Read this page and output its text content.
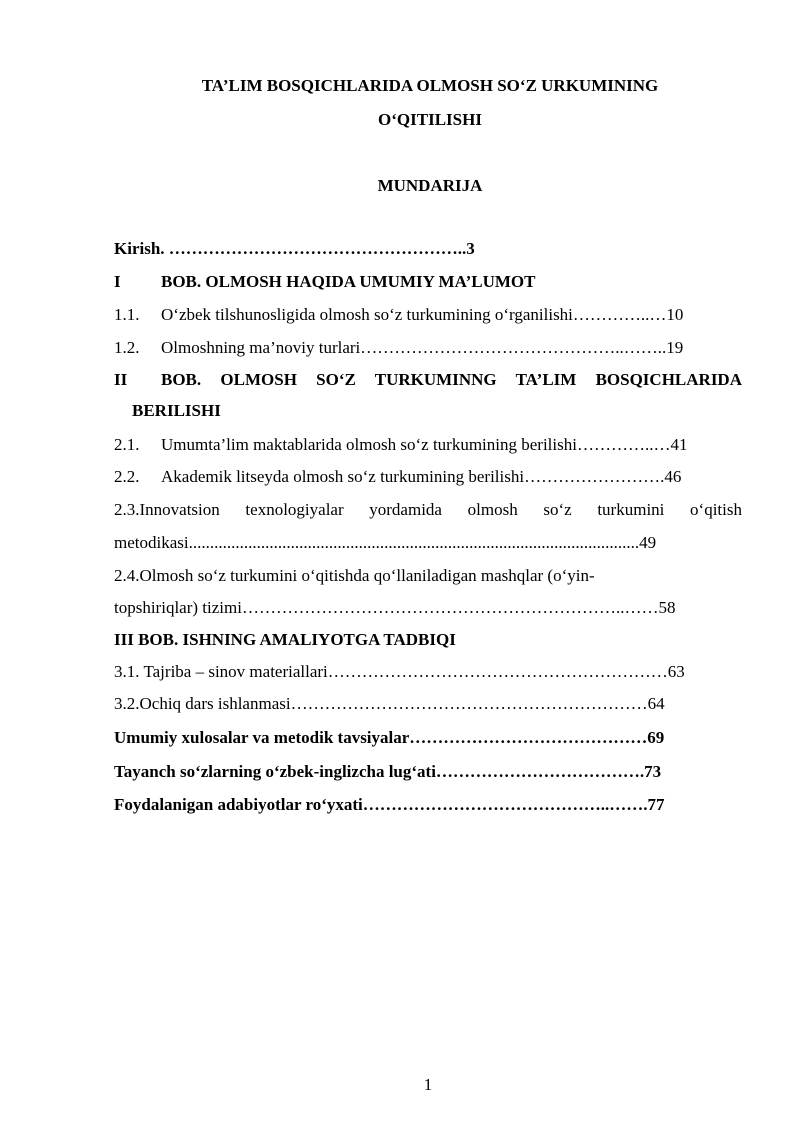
TA’LIM BOSQICHLARIDA OLMOSH SO‘Z URKUMINING
O‘QITILISHI
MUNDARIJA
Kirish. ……………………………………………..3
I BOB. OLMOSH HAQIDA UMUMIY MA’LUMOT
1.1. O‘zbek tilshunosligida olmosh so‘z turkumining o‘rganilishi…………..…10
1.2. Olmoshning ma’noviy turlari………………………………………..……..19
II BOB. OLMOSH SO‘Z TURKUMINNG TA’LIM BOSQICHLARIDA
BERILISHI
2.1. Umumta’lim maktablarida olmosh so‘z turkumining berilishi…………..…41
2.2. Akademik litseyda olmosh so‘z turkumining berilishi…………………….46
2.3.Innovatsion texnologiyalar yordamida olmosh so‘z turkumini o‘qitish
metodikasi..........................................................................................................49
2.4.Olmosh so‘z turkumini o‘qitishda qo‘llaniladigan mashqlar (o‘yin-
topshiriqlar) tizimi…………………………………………………………..……58
III BOB. ISHNING AMALIYOTGA TADBIQI
3.1. Tajriba – sinov materiallari……………………………………………………63
3.2.Ochiq dars ishlanmasi………………………………………………………64
Umumiy xulosalar va metodik tavsiyalar……………………………………69
Tayanch so‘zlarning o‘zbek-inglizcha lug‘ati……………………………….73
Foydalanigan adabiyotlar ro‘yxati……………………………………..…….77
1
